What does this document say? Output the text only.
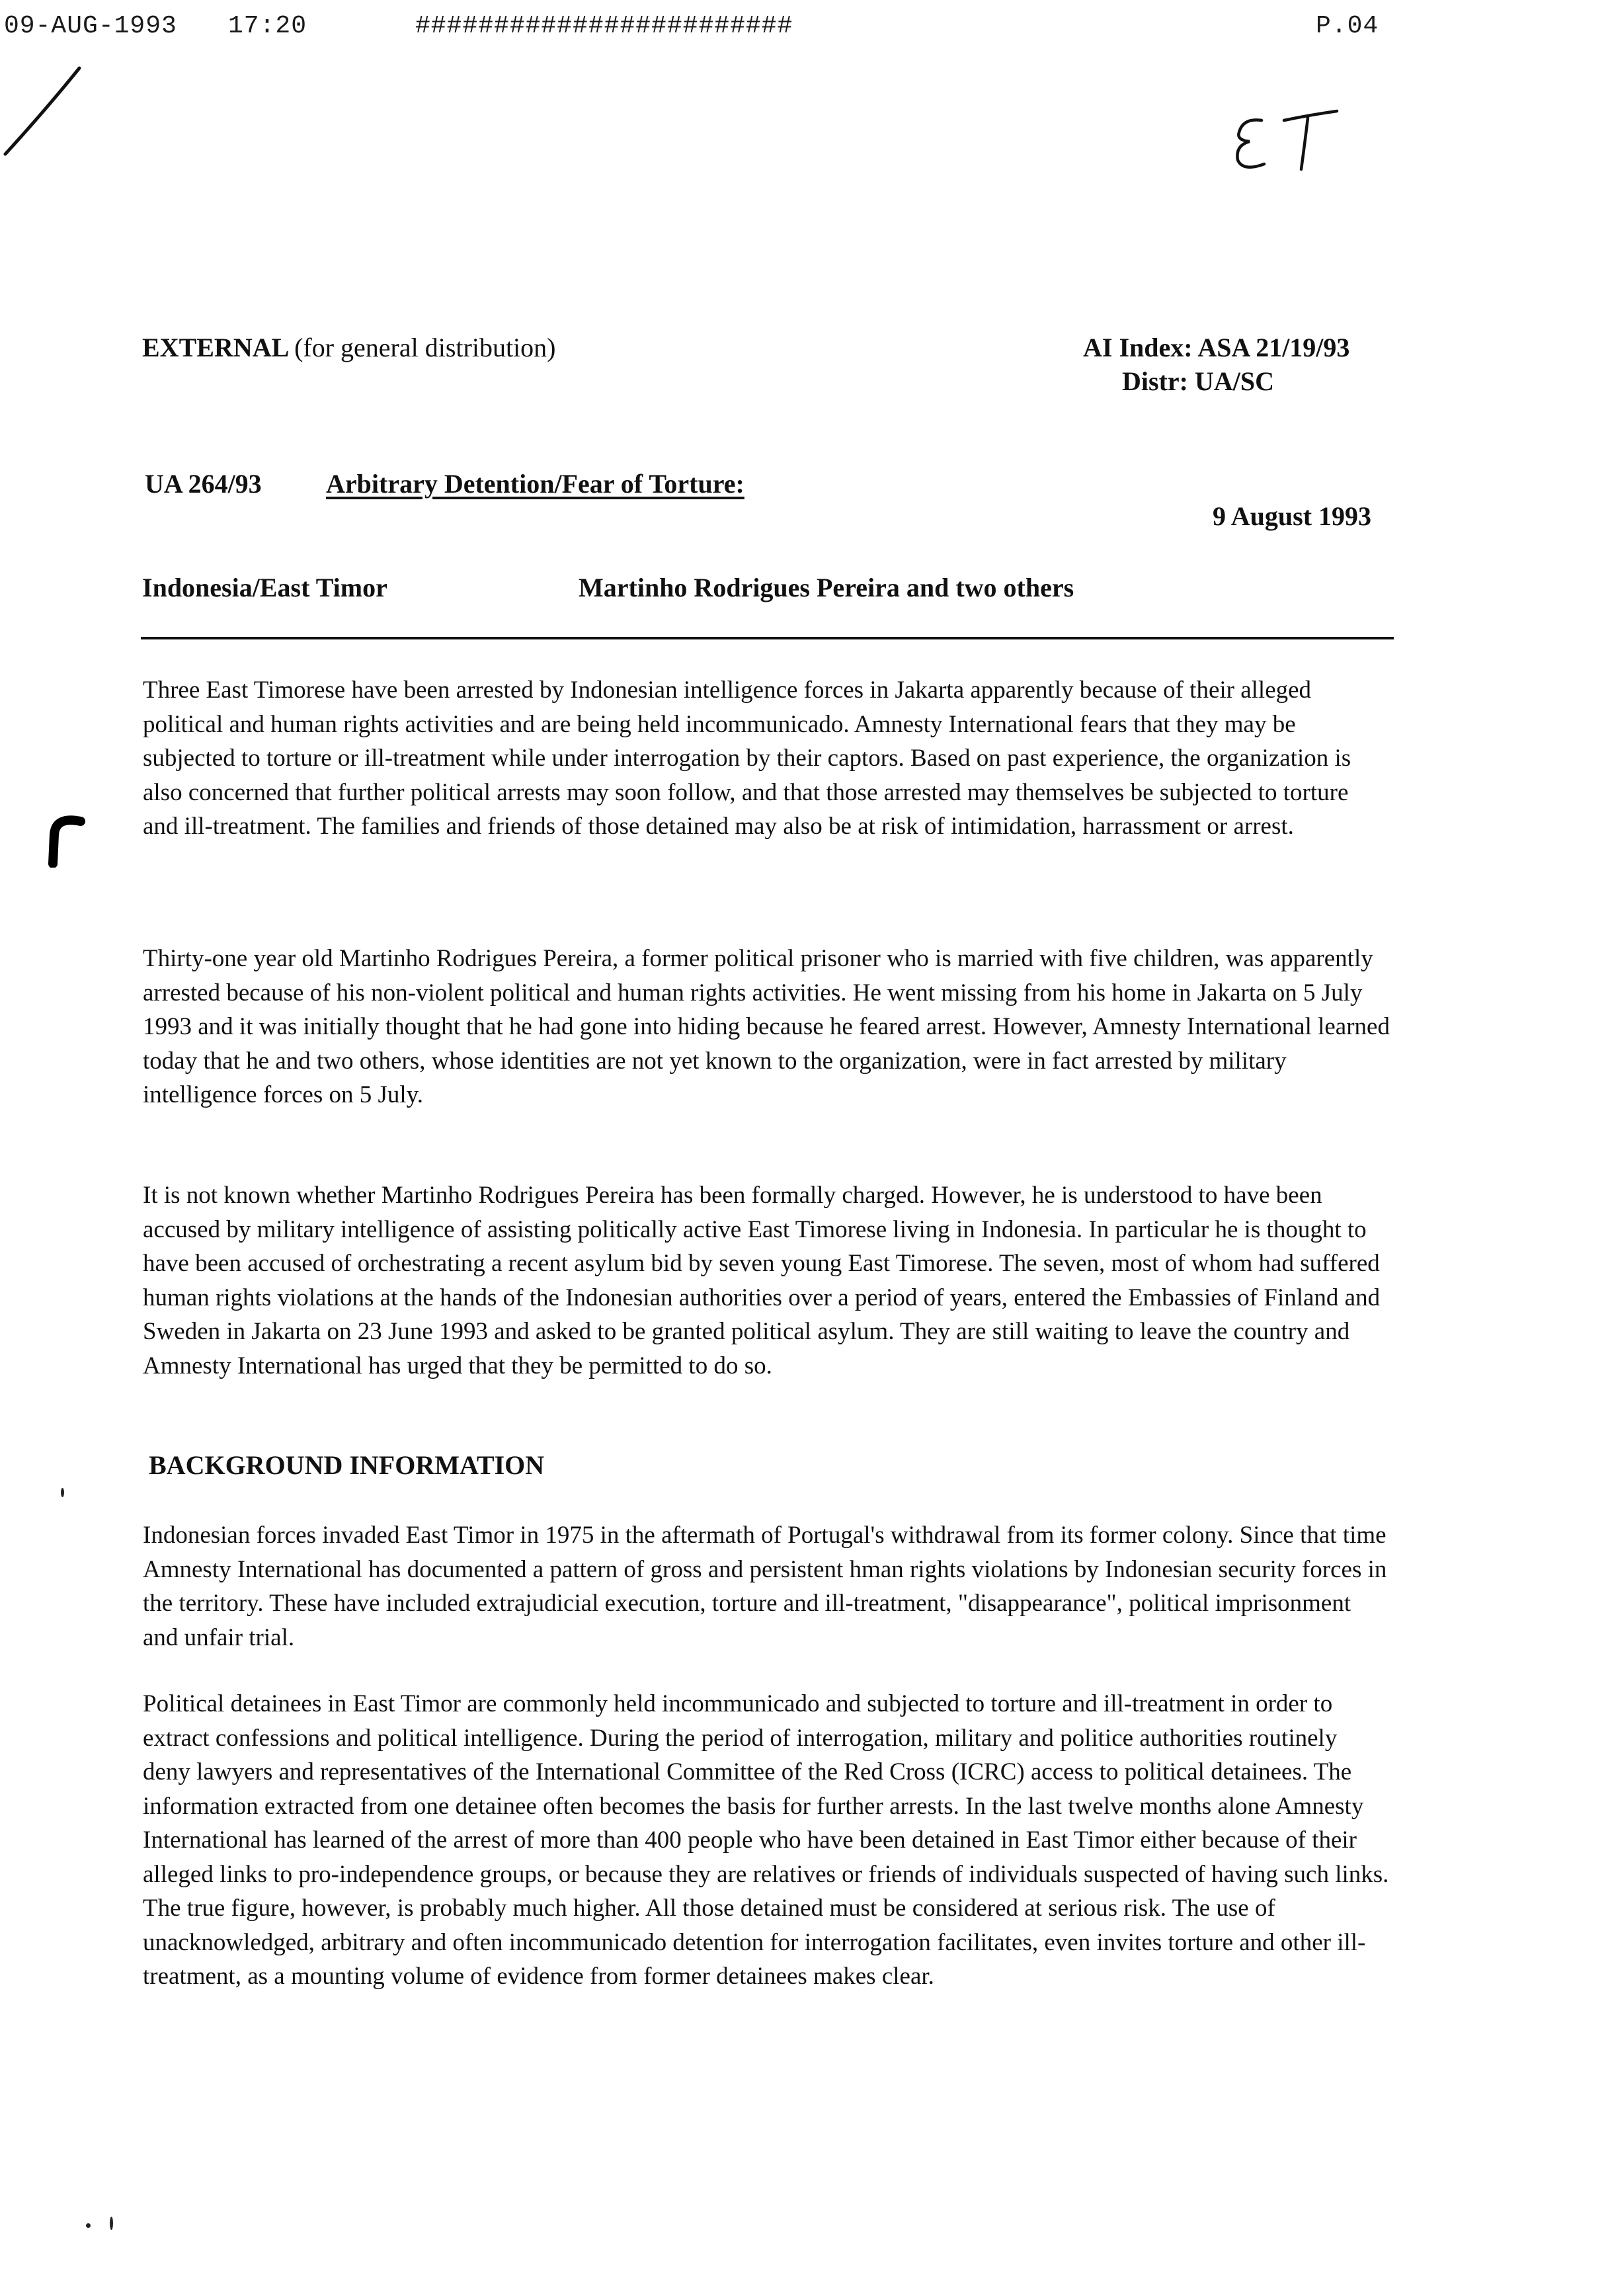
09-AUG-1993 17:20	########################	P.04
EXTERNAL (for general distribution)	AI Index: ASA 21/19/93
Distr: UA/SC
UA 264/93 Arbitrary Detention/Fear of Torture:
9 August 1993
Indonesia/East Timor	Martinho Rodrigues Pereira and two others

Three East Timorese have been arrested by Indonesian intelligence forces in Jakarta apparently because of their alleged political and human rights activities and are being held incommunicado. Amnesty International fears that they may be subjected to torture or ill-treatment while under interrogation by their captors. Based on past experience, the organization is also concerned that further political arrests may soon follow, and that those arrested may themselves be subjected to torture and ill-treatment. The families and friends of those detained may also be at risk of intimidation, harrassment or arrest.

Thirty-one year old Martinho Rodrigues Pereira, a former political prisoner who is married with five children, was apparently arrested because of his non-violent political and human rights activities. He went missing from his home in Jakarta on 5 July 1993 and it was initially thought that he had gone into hiding because he feared arrest. However, Amnesty International learned today that he and two others, whose identities are not yet known to the organization, were in fact arrested by military intelligence forces on 5 July.

It is not known whether Martinho Rodrigues Pereira has been formally charged. However, he is understood to have been accused by military intelligence of assisting politically active East Timorese living in Indonesia. In particular he is thought to have been accused of orchestrating a recent asylum bid by seven young East Timorese. The seven, most of whom had suffered human rights violations at the hands of the Indonesian authorities over a period of years, entered the Embassies of Finland and Sweden in Jakarta on 23 June 1993 and asked to be granted political asylum. They are still waiting to leave the country and Amnesty International has urged that they be permitted to do so.

BACKGROUND INFORMATION

Indonesian forces invaded East Timor in 1975 in the aftermath of Portugal's withdrawal from its former colony. Since that time Amnesty International has documented a pattern of gross and persistent hman rights violations by Indonesian security forces in the territory. These have included extrajudicial execution, torture and ill-treatment, "disappearance", political imprisonment and unfair trial.

Political detainees in East Timor are commonly held incommunicado and subjected to torture and ill-treatment in order to extract confessions and political intelligence. During the period of interrogation, military and politice authorities routinely deny lawyers and representatives of the International Committee of the Red Cross (ICRC) access to political detainees. The information extracted from one detainee often becomes the basis for further arrests. In the last twelve months alone Amnesty International has learned of the arrest of more than 400 people who have been detained in East Timor either because of their alleged links to pro-independence groups, or because they are relatives or friends of individuals suspected of having such links. The true figure, however, is probably much higher. All those detained must be considered at serious risk. The use of unacknowledged, arbitrary and often incommunicado detention for interrogation facilitates, even invites torture and other ill-treatment, as a mounting volume of evidence from former detainees makes clear.
